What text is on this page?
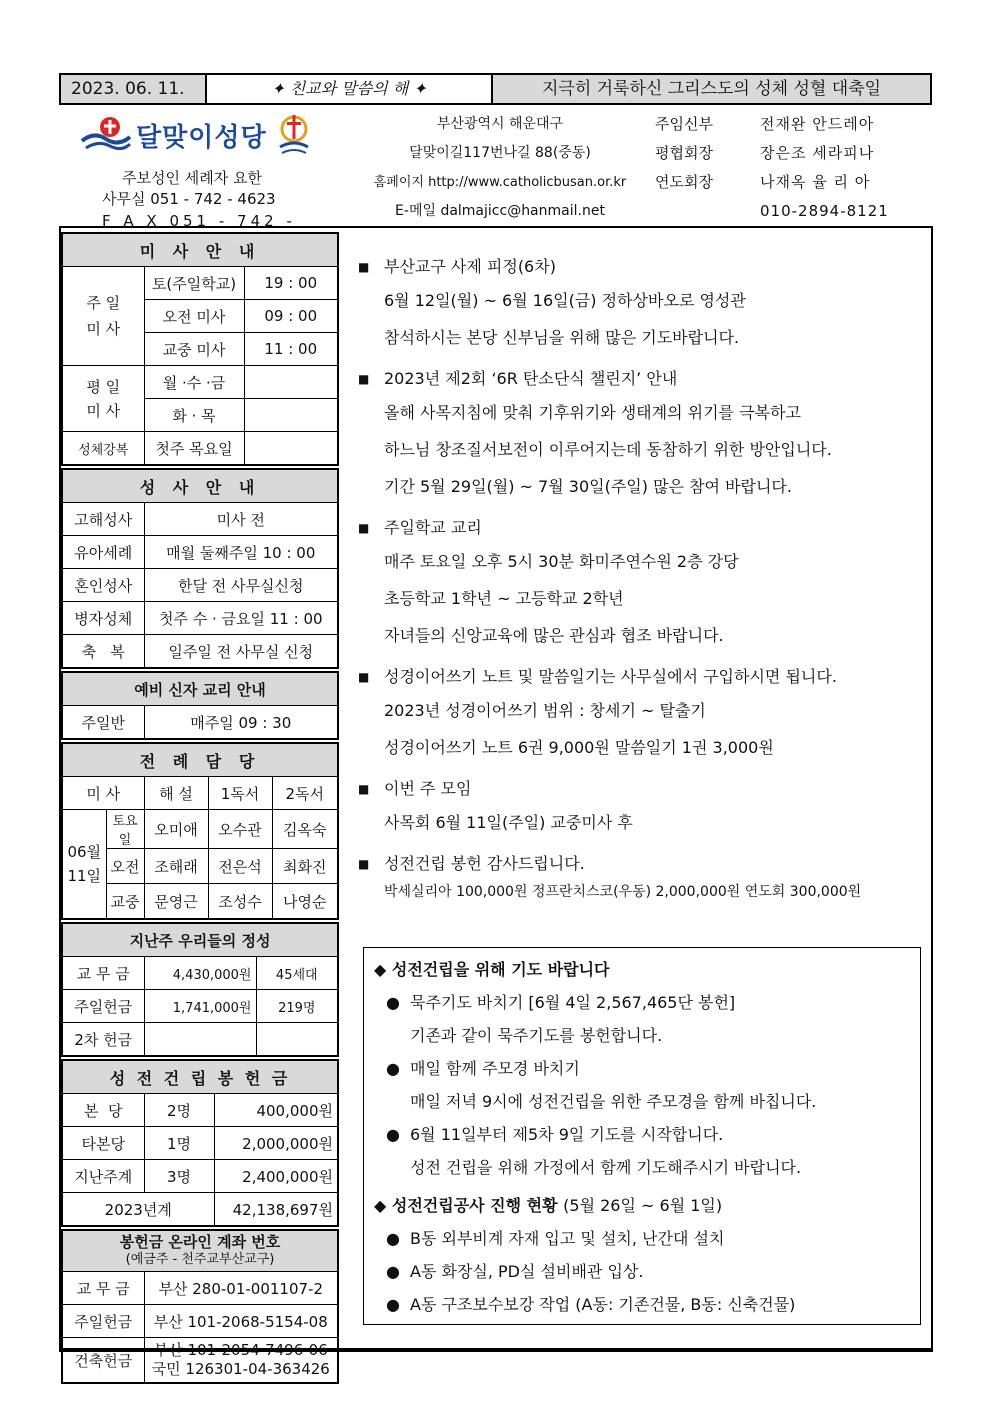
2023. 06. 11.	✦ 친교와 말씀의 해 ✦	지극히 거룩하신 그리스도의 성체 성혈 대축일
달맞이성당
주보성인 세례자 요한
사무실 051 - 742 - 4623
F A X 051 - 742 -
부산광역시 해운대구
달맞이길117번나길 88(중동)
홈페이지 http://www.catholicbusan.or.kr
E-메일 dalmajicc@hanmail.net
주임신부	전재완 안드레아
평협회장	장은조 세라피나
연도회장	나재옥 율 리 아
010-2894-8121
미 사 안 내		
주 일
미 사	토(주일학교)	19 : 00
	오전 미사	09 : 00
	교중 미사	11 : 00
평 일
미 사	월 ·수 ·금	
	화 · 목	
성체강복	첫주 목요일	
성 사 안 내	
고해성사	미사 전
유아세례	매월 둘째주일 10 : 00
혼인성사	한달 전 사무실신청
병자성체	첫주 수 · 금요일 11 : 00
축   복	일주일 전 사무실 신청
예비 신자 교리 안내
주일반	매주일 09 : 30
전 례 담 당				
미 사		해 설	1독서	2독서
06월
11일	토요일	오미애	오수관	김옥숙
	오전	조해래	전은석	최화진
	교중	문영근	조성수	나영순
지난주 우리들의 정성		
교 무 금	4,430,000원	45세대
주일헌금	1,741,000원	219명
2차 헌금		
성 전 건 립 봉 헌 금		
본  당	2명	400,000원
타본당	1명	2,000,000원
지난주계	3명	2,400,000원
2023년계		42,138,697원
봉헌금 온라인 계좌 번호
(예금주 - 천주교부산교구)	

교 무 금	부산 280-01-001107-2
주일헌금	부산 101-2068-5154-08
건축헌금	부산 101-2054-7496-06
국민 126301-04-363426
■ 부산교구 사제 피정(6차)
6월 12일(월) ~ 6월 16일(금) 정하상바오로 영성관
참석하시는 본당 신부님을 위해 많은 기도바랍니다.
■ 2023년 제2회 ‘6R 탄소단식 챌린지’ 안내
올해 사목지침에 맞춰 기후위기와 생태계의 위기를 극복하고
하느님 창조질서보전이 이루어지는데 동참하기 위한 방안입니다.
기간 5월 29일(월) ~ 7월 30일(주일) 많은 참여 바랍니다.
■ 주일학교 교리
매주 토요일 오후 5시 30분 화미주연수원 2층 강당
초등학교 1학년 ~ 고등학교 2학년
자녀들의 신앙교육에 많은 관심과 협조 바랍니다.
■ 성경이어쓰기 노트 및 말씀일기는 사무실에서 구입하시면 됩니다.
2023년 성경이어쓰기 범위 : 창세기 ~ 탈출기
성경이어쓰기 노트 6권 9,000원 말씀일기 1권 3,000원
■ 이번 주 모임
사목회 6월 11일(주일) 교중미사 후
■ 성전건립 봉헌 감사드립니다.
박세실리아 100,000원 정프란치스코(우동) 2,000,000원 연도회 300,000원
◆ 성전건립을 위해 기도 바랍니다
● 묵주기도 바치기 [6월 4일 2,567,465단 봉헌]
기존과 같이 묵주기도를 봉헌합니다.
● 매일 함께 주모경 바치기
매일 저녁 9시에 성전건립을 위한 주모경을 함께 바칩니다.
● 6월 11일부터 제5차 9일 기도를 시작합니다.
성전 건립을 위해 가정에서 함께 기도해주시기 바랍니다.
◆ 성전건립공사 진행 현황 (5월 26일 ~ 6월 1일)
● B동 외부비계 자재 입고 및 설치, 난간대 설치
● A동 화장실, PD실 설비배관 입상.
● A동 구조보수보강 작업 (A동: 기존건물, B동: 신축건물)
